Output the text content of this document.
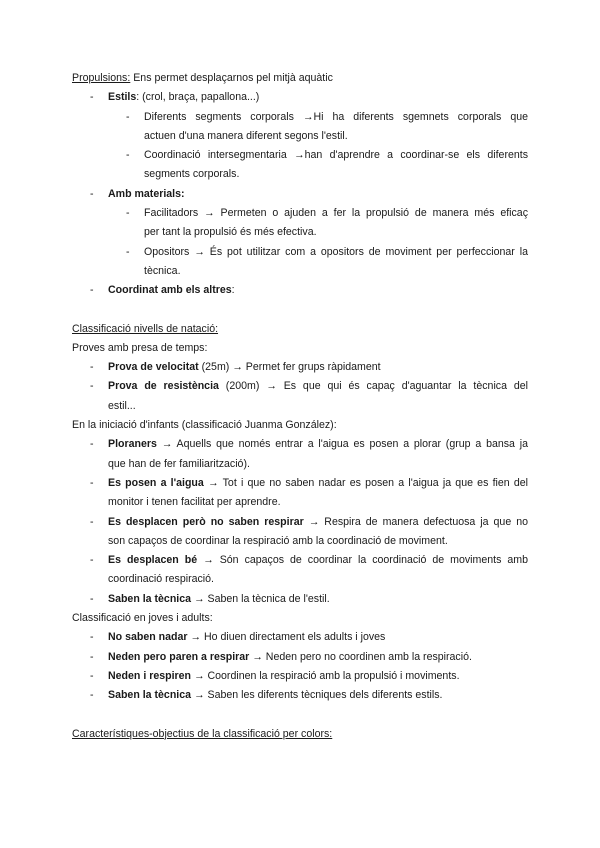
Propulsions: Ens permet desplaçarnos pel mitjà aquàtic
- Estils: (crol, braça, papallona...)
- Diferents segments corporals →Hi ha diferents sgemnets corporals que
actuen d'una manera diferent segons l'estil.
- Coordinació intersegmentaria →han d'aprendre a coordinar-se els diferents
segments corporals.
- Amb materials:
- Facilitadors → Permeten o ajuden a fer la propulsió de manera més eficaç
per tant la propulsió és més efectiva.
- Opositors → És pot utilitzar com a opositors de moviment per perfeccionar la
tècnica.
- Coordinat amb els altres:
Classificació nivells de natació:
Proves amb presa de temps:
- Prova de velocitat (25m) → Permet fer grups ràpidament
- Prova de resistència (200m) → Es que qui és capaç d'aguantar la tècnica del
estil...
En la iniciació d'infants (classificació Juanma González):
- Ploraners → Aquells que només entrar a l'aigua es posen a plorar (grup a bansa ja
que han de fer familiarització).
- Es posen a l'aigua → Tot i que no saben nadar es posen a l'aigua ja que es fien del
monitor i tenen facilitat per aprendre.
- Es desplacen però no saben respirar → Respira de manera defectuosa ja que no
son capaços de coordinar la respiració amb la coordinació de moviment.
- Es desplacen bé → Són capaços de coordinar la coordinació de moviments amb
coordinació respiració.
- Saben la tècnica → Saben la tècnica de l'estil.
Classificació en joves i adults:
- No saben nadar → Ho diuen directament els adults i joves
- Neden pero paren a respirar → Neden pero no coordinen amb la respiració.
- Neden i respiren → Coordinen la respiració amb la propulsió i moviments.
- Saben la tècnica → Saben les diferents tècniques dels diferents estils.
Característiques-objectius de la classificació per colors:
